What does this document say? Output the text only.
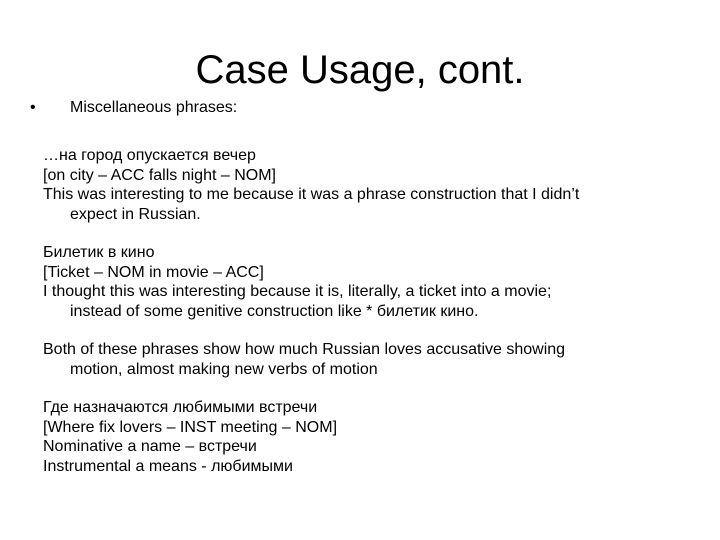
Case Usage, cont.
• Miscellaneous phrases:
…на город опускается вечер
[on city – ACC falls night – NOM]
This was interesting to me because it was a phrase construction that I didn’t
expect in Russian.
Билетик в кино
[Ticket – NOM in movie – ACC]
I thought this was interesting because it is, literally, a ticket into a movie;
instead of some genitive construction like * билетик кино.
Both of these phrases show how much Russian loves accusative showing
motion, almost making new verbs of motion
Где назначаются любимыми встречи
[Where fix lovers – INST meeting – NOM]
Nominative a name – встречи
Instrumental a means - любимыми
